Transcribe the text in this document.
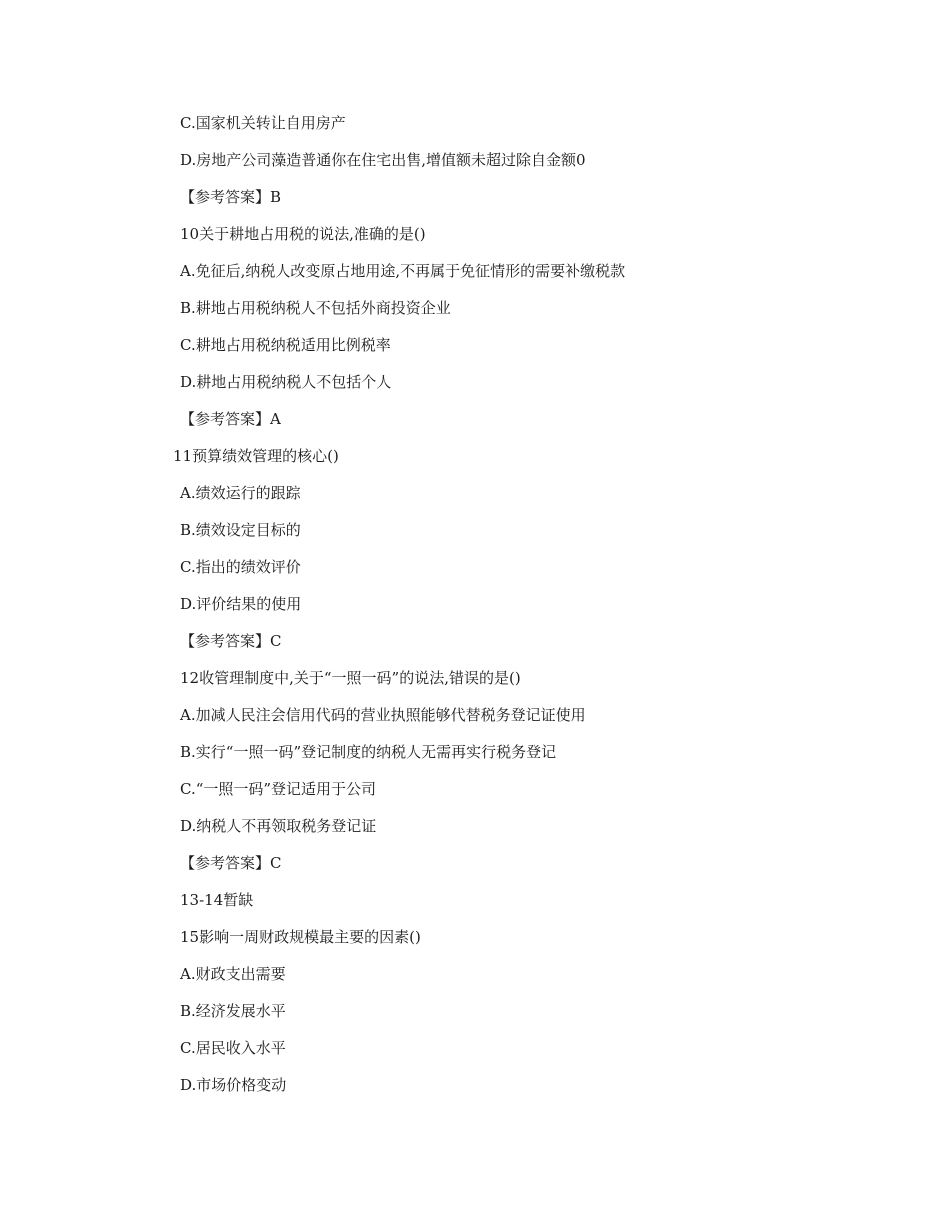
C.国家机关转让自用房产
D.房地产公司藻造普通你在住宅出售,增值额未超过除自金额0
【参考答案】B
10关于耕地占用税的说法,准确的是()
A.免征后,纳税人改变原占地用途,不再属于免征情形的需要补缴税款
B.耕地占用税纳税人不包括外商投资企业
C.耕地占用税纳税适用比例税率
D.耕地占用税纳税人不包括个人
【参考答案】A
11预算绩效管理的核心()
A.绩效运行的跟踪
B.绩效设定目标的
C.指出的绩效评价
D.评价结果的使用
【参考答案】C
12收管理制度中,关于“一照一码”的说法,错误的是()
A.加减人民注会信用代码的营业执照能够代替税务登记证使用
B.实行“一照一码”登记制度的纳税人无需再实行税务登记
C.“一照一码”登记适用于公司
D.纳税人不再领取税务登记证
【参考答案】C
13-14暂缺
15影响一周财政规模最主要的因素()
A.财政支出需要
B.经济发展水平
C.居民收入水平
D.市场价格变动
